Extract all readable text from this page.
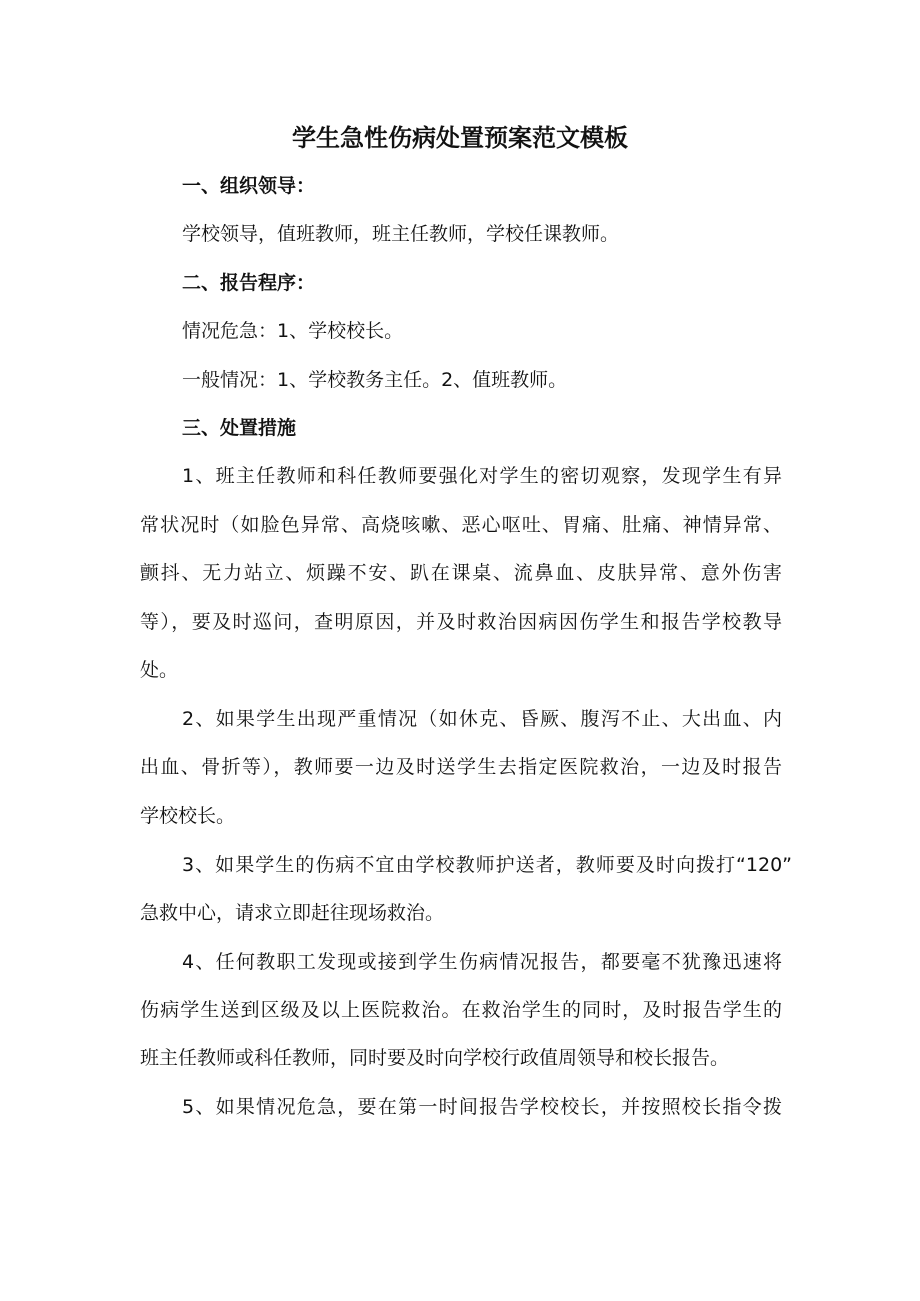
学生急性伤病处置预案范文模板

一、组织领导：

学校领导，值班教师，班主任教师，学校任课教师。

二、报告程序：

情况危急：1、学校校长。

一般情况：1、学校教务主任。2、值班教师。

三、处置措施

1、班主任教师和科任教师要强化对学生的密切观察，发现学生有异

常状况时（如脸色异常、高烧咳嗽、恶心呕吐、胃痛、肚痛、神情异常、

颤抖、无力站立、烦躁不安、趴在课桌、流鼻血、皮肤异常、意外伤害

等），要及时巡问，查明原因，并及时救治因病因伤学生和报告学校教导

处。

2、如果学生出现严重情况（如休克、昏厥、腹泻不止、大出血、内

出血、骨折等），教师要一边及时送学生去指定医院救治，一边及时报告

学校校长。

3、如果学生的伤病不宜由学校教师护送者，教师要及时向拨打“120”

急救中心，请求立即赶往现场救治。

4、任何教职工发现或接到学生伤病情况报告，都要毫不犹豫迅速将

伤病学生送到区级及以上医院救治。在救治学生的同时，及时报告学生的

班主任教师或科任教师，同时要及时向学校行政值周领导和校长报告。

5、如果情况危急，要在第一时间报告学校校长，并按照校长指令拨
